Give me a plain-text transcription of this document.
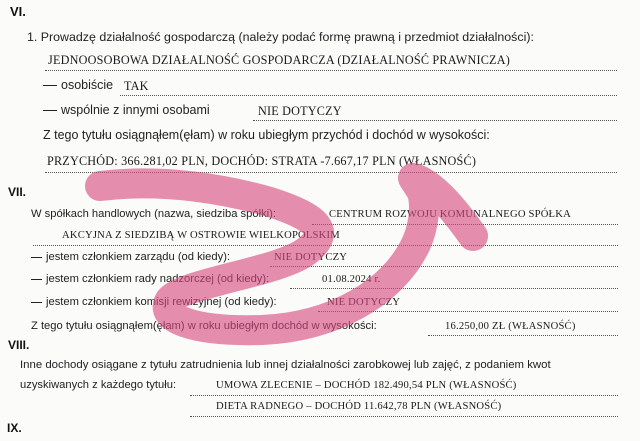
VI.
1. Prowadzę działalność gospodarczą (należy podać formę prawną i przedmiot działalności):
JEDNOOSOBOWA DZIAŁALNOŚĆ GOSPODARCZA (DZIAŁALNOŚĆ PRAWNICZA)
osobiście TAK
wspólnie z innymi osobami	NIE DOTYCZY
Z tego tytułu osiągnąłem(ęłam) w roku ubiegłym przychód i dochód w wysokości:
PRZYCHÓD: 366.281,02 PLN, DOCHÓD: STRATA -7.667,17 PLN (WŁASNOŚĆ)
VII.
W spółkach handlowych (nazwa, siedziba spółki):	CENTRUM ROZWOJU KOMUNALNEGO SPÓŁKA
AKCYJNA Z SIEDZIBĄ W OSTROWIE WIELKOPOLSKIM
jestem członkiem zarządu (od kiedy):	NIE DOTYCZY
jestem członkiem rady nadzorczej (od kiedy):	01.08.2024 r.
jestem członkiem komisji rewizyjnej (od kiedy):	NIE DOTYCZY
Z tego tytułu osiągnąłem(ęłam) w roku ubiegłym dochód w wysokości:	16.250,00 ZŁ (WŁASNOŚĆ)
VIII.
Inne dochody osiągane z tytułu zatrudnienia lub innej działalności zarobkowej lub zajęć, z podaniem kwot
uzyskiwanych z każdego tytułu:	UMOWA ZLECENIE – DOCHÓD 182.490,54 PLN (WŁASNOŚĆ)
DIETA RADNEGO – DOCHÓD 11.642,78 PLN (WŁASNOŚĆ)
IX.
